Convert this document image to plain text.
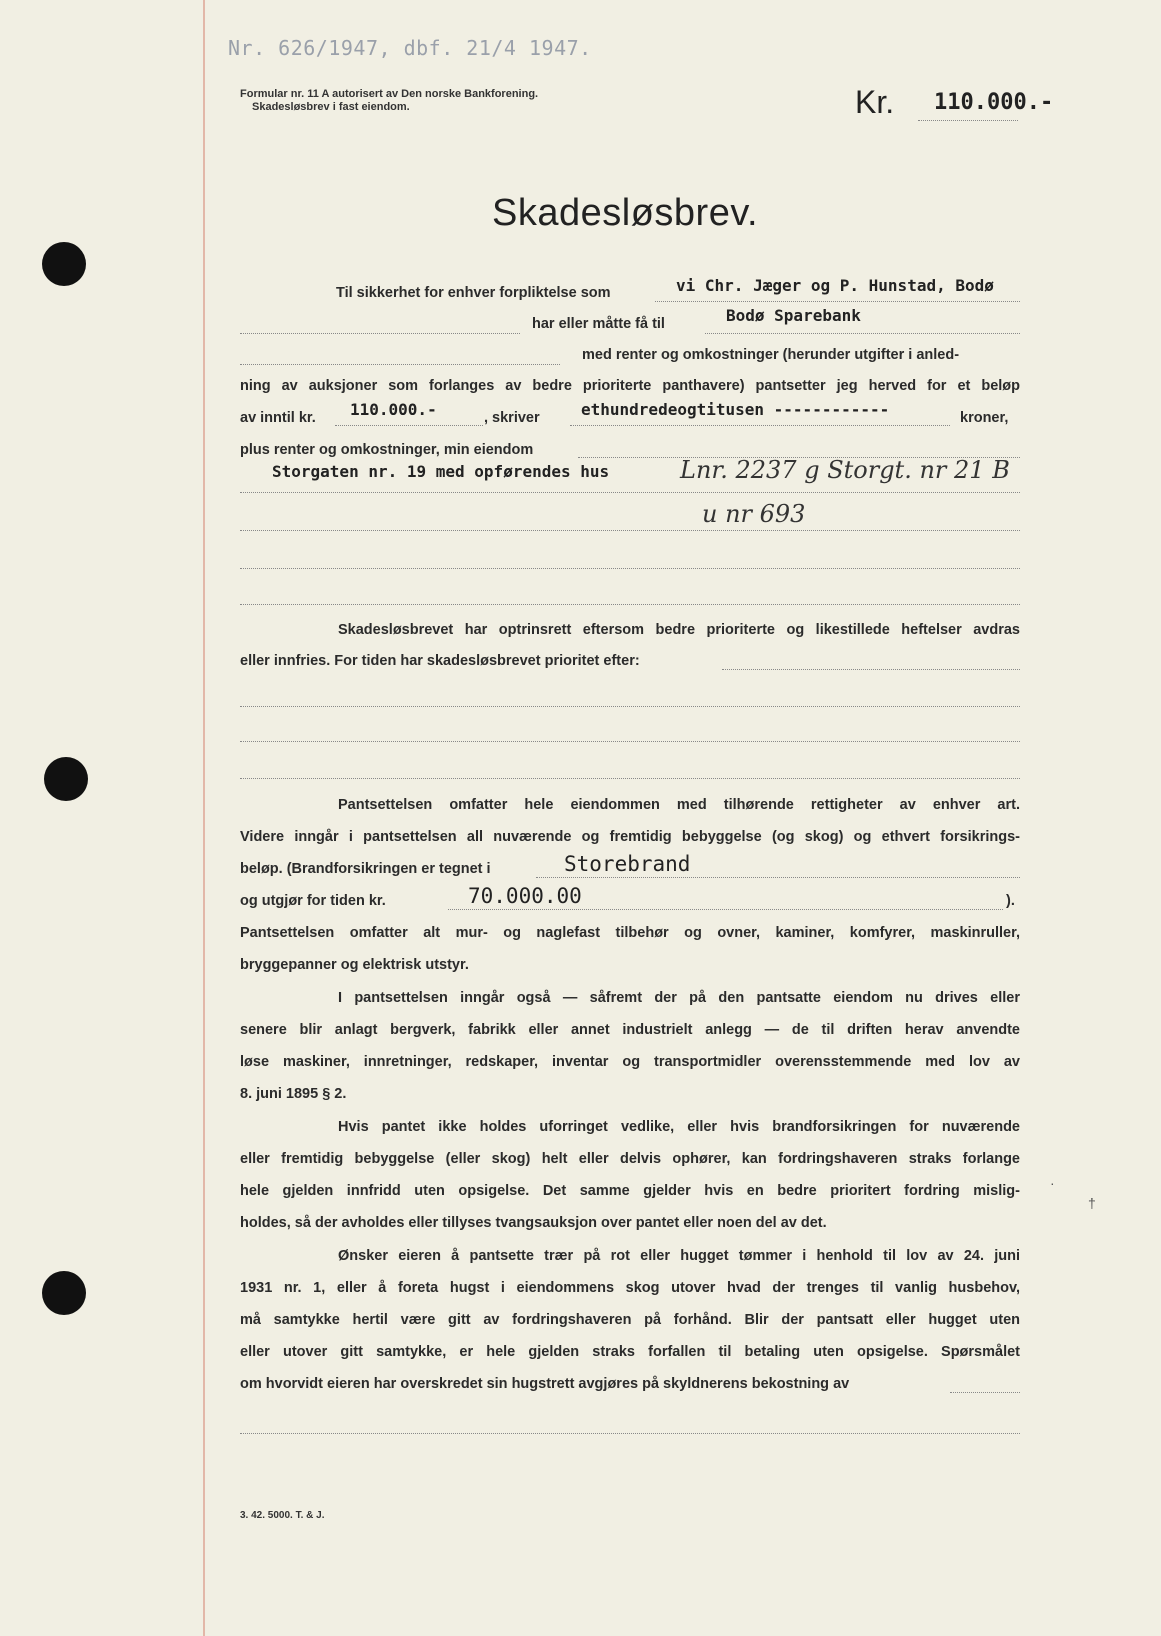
Nr. 626/1947, dbf. 21/4 1947.
Formular nr. 11 A autorisert av Den norske Bankforening.
Skadesløsbrev i fast eiendom.	Kr. 110.000.-
Skadesløsbrev.
Til sikkerhet for enhver forpliktelse som	vi Chr. Jæger og P. Hunstad, Bodø
har eller måtte få til	Bodø Sparebank
med renter og omkostninger (herunder utgifter i anled-
ning av auksjoner som forlanges av bedre prioriterte panthavere) pantsetter jeg herved for et beløp
av inntil kr. 110.000.-	, skriver	ethundredeogtitusen ------------	kroner,
plus renter og omkostninger, min eiendom
Storgaten nr. 19 med opførendes hus	Lnr. 2237 g Storgt. nr 21 B
u nr 693
Skadesløsbrevet har optrinsrett eftersom bedre prioriterte og likestillede heftelser avdras
eller innfries. For tiden har skadesløsbrevet prioritet efter:
Pantsettelsen omfatter hele eiendommen med tilhørende rettigheter av enhver art.
Videre inngår i pantsettelsen all nuværende og fremtidig bebyggelse (og skog) og ethvert forsikrings-
beløp. (Brandforsikringen er tegnet i	Storebrand
og utgjør for tiden kr.	70.000.00	).
Pantsettelsen omfatter alt mur- og naglefast tilbehør og ovner, kaminer, komfyrer, maskinruller,
bryggepanner og elektrisk utstyr.
I pantsettelsen inngår også — såfremt der på den pantsatte eiendom nu drives eller
senere blir anlagt bergverk, fabrikk eller annet industrielt anlegg — de til driften herav anvendte
løse maskiner, innretninger, redskaper, inventar og transportmidler overensstemmende med lov av
8. juni 1895 § 2.
Hvis pantet ikke holdes uforringet vedlike, eller hvis brandforsikringen for nuværende
eller fremtidig bebyggelse (eller skog) helt eller delvis ophører, kan fordringshaveren straks forlange
hele gjelden innfridd uten opsigelse. Det samme gjelder hvis en bedre prioritert fordring mislig-
holdes, så der avholdes eller tillyses tvangsauksjon over pantet eller noen del av det.
·
†
Ønsker eieren å pantsette trær på rot eller hugget tømmer i henhold til lov av 24. juni
1931 nr. 1, eller å foreta hugst i eiendommens skog utover hvad der trenges til vanlig husbehov,
må samtykke hertil være gitt av fordringshaveren på forhånd. Blir der pantsatt eller hugget uten
eller utover gitt samtykke, er hele gjelden straks forfallen til betaling uten opsigelse. Spørsmålet
om hvorvidt eieren har overskredet sin hugstrett avgjøres på skyldnerens bekostning av
3. 42. 5000. T. & J.
